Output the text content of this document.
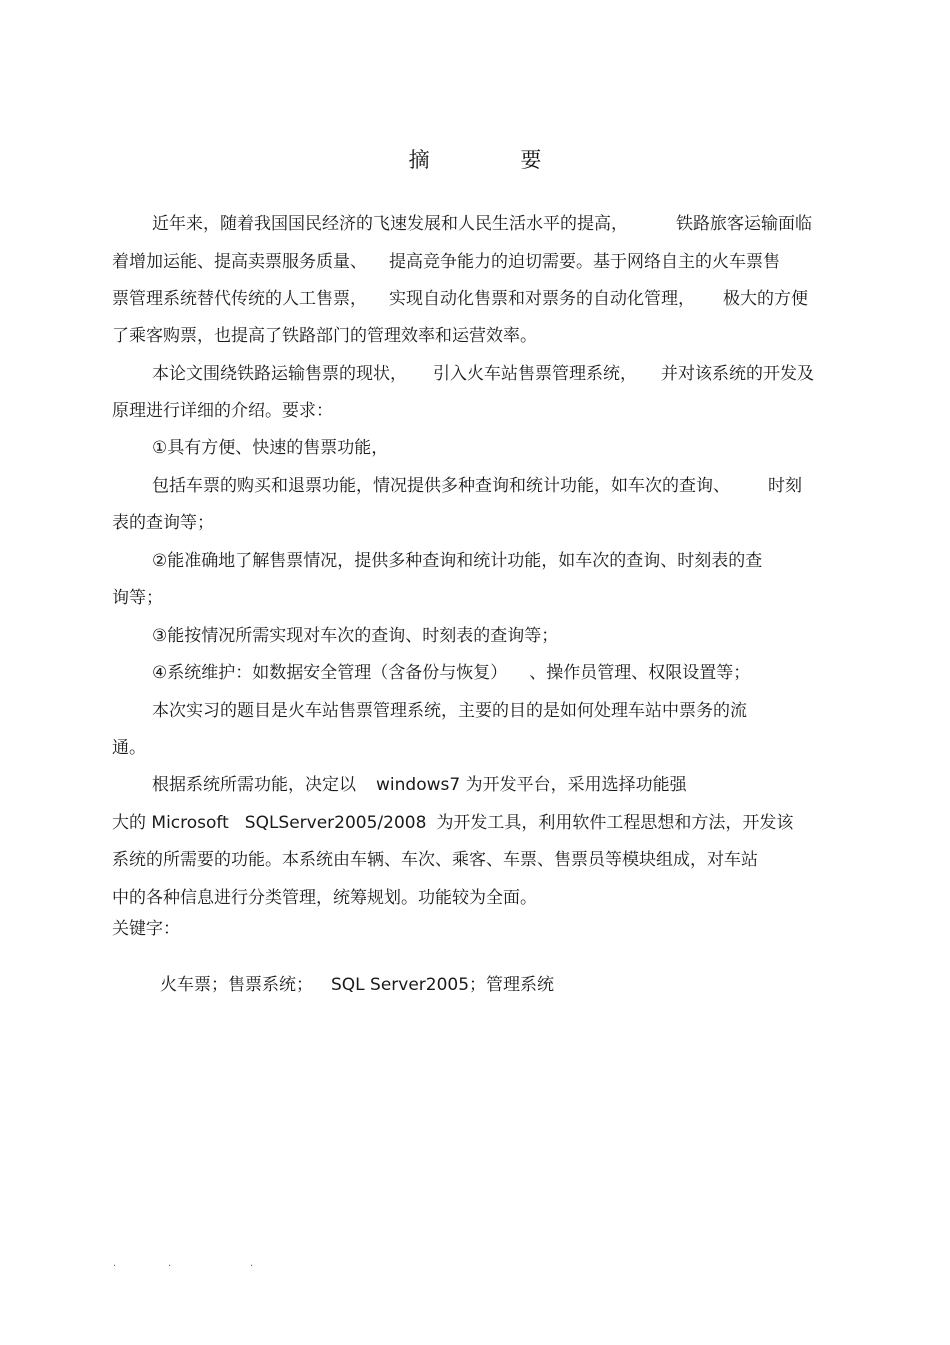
摘 要
近年来，随着我国国民经济的飞速发展和人民生活水平的提高，	铁路旅客运输面临
着增加运能、提高卖票服务质量、 提高竞争能力的迫切需要。基于网络自主的火车票售
票管理系统替代传统的人工售票， 实现自动化售票和对票务的自动化管理， 极大的方便
了乘客购票，也提高了铁路部门的管理效率和运营效率。
本论文围绕铁路运输售票的现状， 引入火车站售票管理系统， 并对该系统的开发及
原理进行详细的介绍。要求：
①具有方便、快速的售票功能，
包括车票的购买和退票功能，情况提供多种查询和统计功能，如车次的查询、 时刻
表的查询等；
②能准确地了解售票情况，提供多种查询和统计功能，如车次的查询、时刻表的查
询等；
③能按情况所需实现对车次的查询、时刻表的查询等；
④系统维护：如数据安全管理（含备份与恢复） 、操作员管理、权限设置等；
本次实习的题目是火车站售票管理系统，主要的目的是如何处理车站中票务的流
通。
根据系统所需功能，决定以 windows7 为开发平台，采用选择功能强
大的 Microsoft SQLServer2005/2008 为开发工具，利用软件工程思想和方法，开发该
系统的所需要的功能。本系统由车辆、车次、乘客、车票、售票员等模块组成，对车站
中的各种信息进行分类管理，统筹规划。功能较为全面。
关键字：
火车票；售票系统； SQL Server2005；管理系统
.	.	.
